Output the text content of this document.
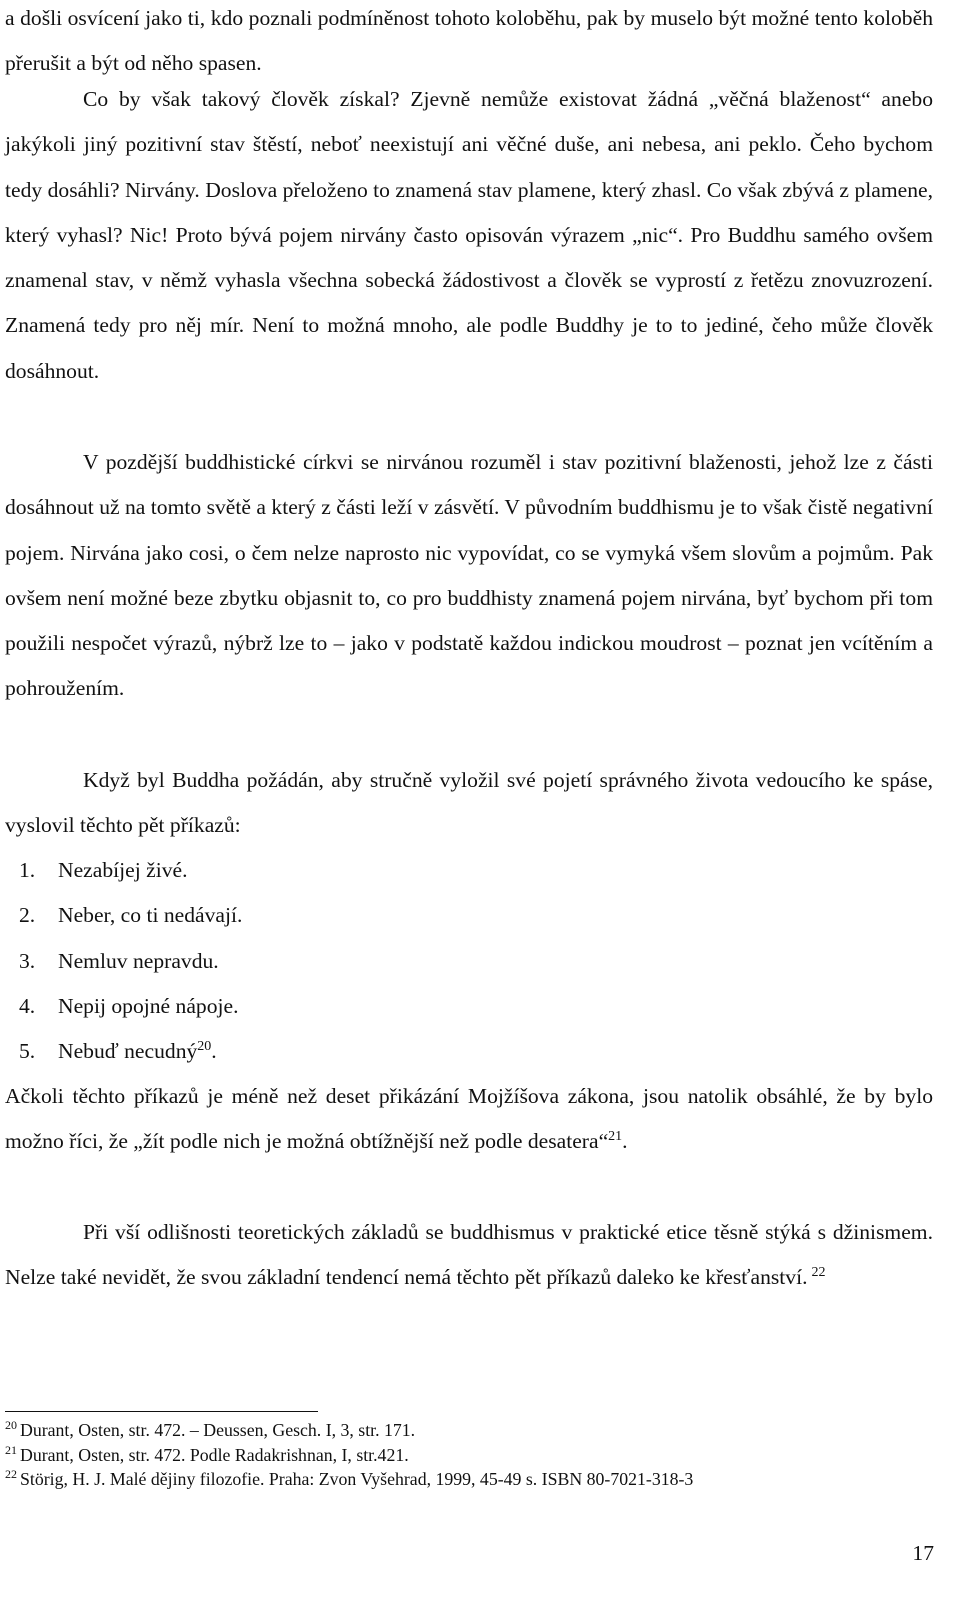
a došli osvícení jako ti, kdo poznali podmíněnost tohoto koloběhu, pak by muselo být možné tento koloběh přerušit a být od něho spasen.

Co by však takový člověk získal? Zjevně nemůže existovat žádná „věčná blaženost“ anebo jakýkoli jiný pozitivní stav štěstí, neboť neexistují ani věčné duše, ani nebesa, ani peklo. Čeho bychom tedy dosáhli? Nirvány. Doslova přeloženo to znamená stav plamene, který zhasl. Co však zbývá z plamene, který vyhasl? Nic! Proto bývá pojem nirvány často opisován výrazem „nic“. Pro Buddhu samého ovšem znamenal stav, v němž vyhasla všechna sobecká žádostivost a člověk se vyprostí z řetězu znovuzrození. Znamená tedy pro něj mír. Není to možná mnoho, ale podle Buddhy je to to jediné, čeho může člověk dosáhnout.

V pozdější buddhistické církvi se nirvánou rozuměl i stav pozitivní blaženosti, jehož lze z části dosáhnout už na tomto světě a který z části leží v zásvětí. V původním buddhismu je to však čistě negativní pojem. Nirvána jako cosi, o čem nelze naprosto nic vypovídat, co se vymyká všem slovům a pojmům. Pak ovšem není možné beze zbytku objasnit to, co pro buddhisty znamená pojem nirvána, byť bychom při tom použili nespočet výrazů, nýbrž lze to – jako v podstatě každou indickou moudrost – poznat jen vcítěním a pohroužením.

Když byl Buddha požádán, aby stručně vyložil své pojetí správného života vedoucího ke spáse, vyslovil těchto pět příkazů:

1. Nezabíjej živé.
2. Neber, co ti nedávají.
3. Nemluv nepravdu.
4. Nepij opojné nápoje.
5. Nebuď necudný$^{20}$.

Ačkoli těchto příkazů je méně než deset přikázání Mojžíšova zákona, jsou natolik obsáhlé, že by bylo možno říci, že „žít podle nich je možná obtížnější než podle desatera“$^{21}$.

Při vší odlišnosti teoretických základů se buddhismus v praktické etice těsně stýká s džinismem. Nelze také nevidět, že svou základní tendencí nemá těchto pět příkazů daleko ke křesťanství. $^{22}$

$^{20}$ Durant, Osten, str. 472. – Deussen, Gesch. I, 3, str. 171.
$^{21}$ Durant, Osten, str. 472. Podle Radakrishnan, I, str.421.
$^{22}$ Störig, H. J. Malé dějiny filozofie. Praha: Zvon Vyšehrad, 1999, 45-49 s. ISBN 80-7021-318-3
17
